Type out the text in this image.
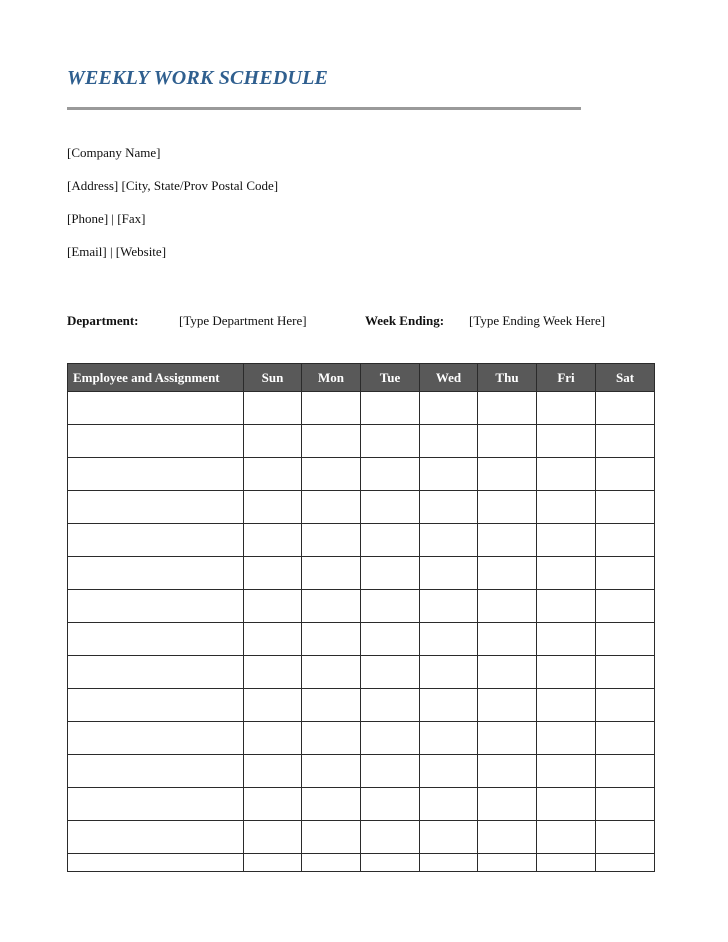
WEEKLY WORK SCHEDULE
[Company Name]
[Address] [City, State/Prov Postal Code]
[Phone] | [Fax]
[Email] | [Website]
Department:	[Type Department Here]	Week Ending: [Type Ending Week Here]
Employee and Assignment	Sun	Mon	Tue	Wed	Thu	Fri	Sat
